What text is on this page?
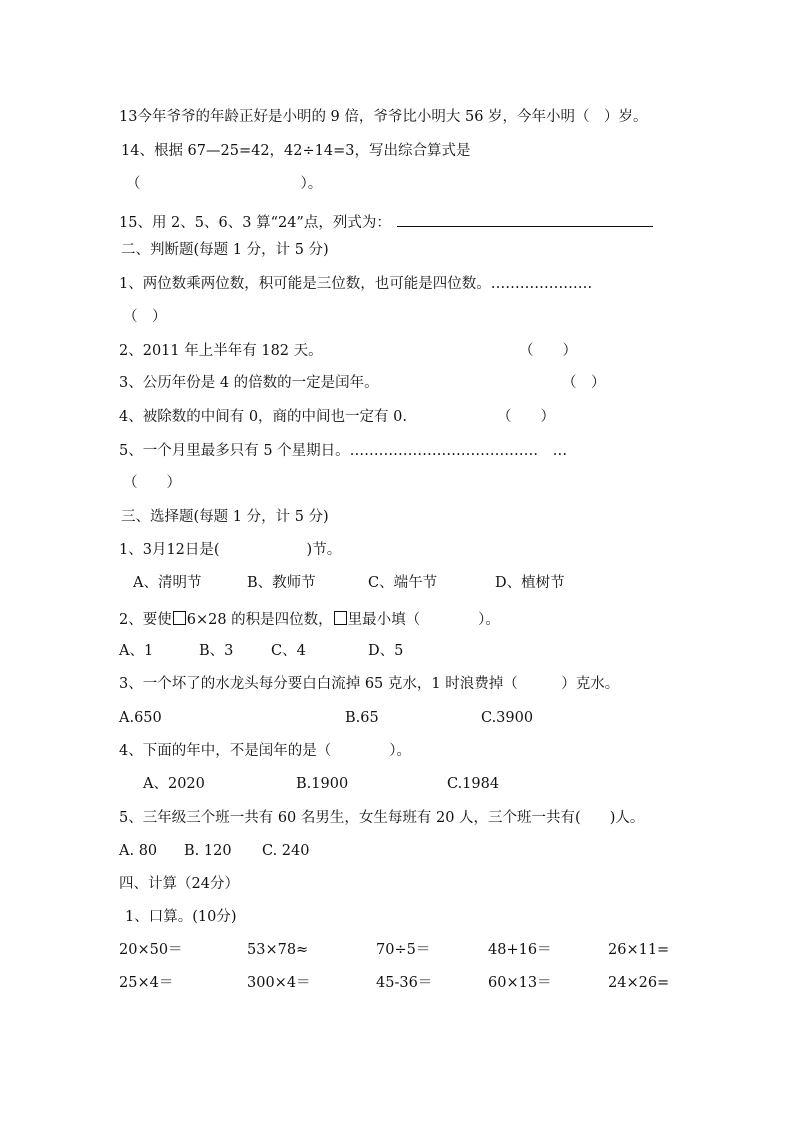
13今年爷爷的年龄正好是小明的 9 倍，爷爷比小明大 56 岁，今年小明（　）岁。
14、根据 67—25=42，42÷14=3，写出综合算式是
（	）。
15、用 2、5、6、3 算“24”点，列式为：
二、判断题(每题 1 分，计 5 分)
1、两位数乘两位数，积可能是三位数，也可能是四位数。…………………
（　）
2、2011 年上半年有 182 天。	（　　）
3、公历年份是 4 的倍数的一定是闰年。	（　）
4、被除数的中间有 0，商的中间也一定有 0.	（　　）
5、一个月里最多只有 5 个星期日。…………………………………　…
（　　）
三、选择题(每题 1 分，计 5 分)
1、3月12日是(　　　　　　)节。
A、清明节	B、教师节	C、端午节	D、植树节
2、要使 6×28 的积是四位数， 里最小填（　　　　）。
A、1	B、3	C、4	D、5
3、一个坏了的水龙头每分要白白流掉 65 克水，1 时浪费掉（　　　）克水。
A.650	B.65	C.3900
4、下面的年中，不是闰年的是（　　　　）。
A、2020	B.1900	C.1984
5、三年级三个班一共有 60 名男生，女生每班有 20 人，三个班一共有(　　)人。
A. 80 B. 120 C. 240
四、计算（24分）
1、口算。(10分)
20×50＝	53×78≈	70÷5＝	48+16＝	26×11=
25×4＝	300×4＝	45-36＝	60×13＝	24×26=
